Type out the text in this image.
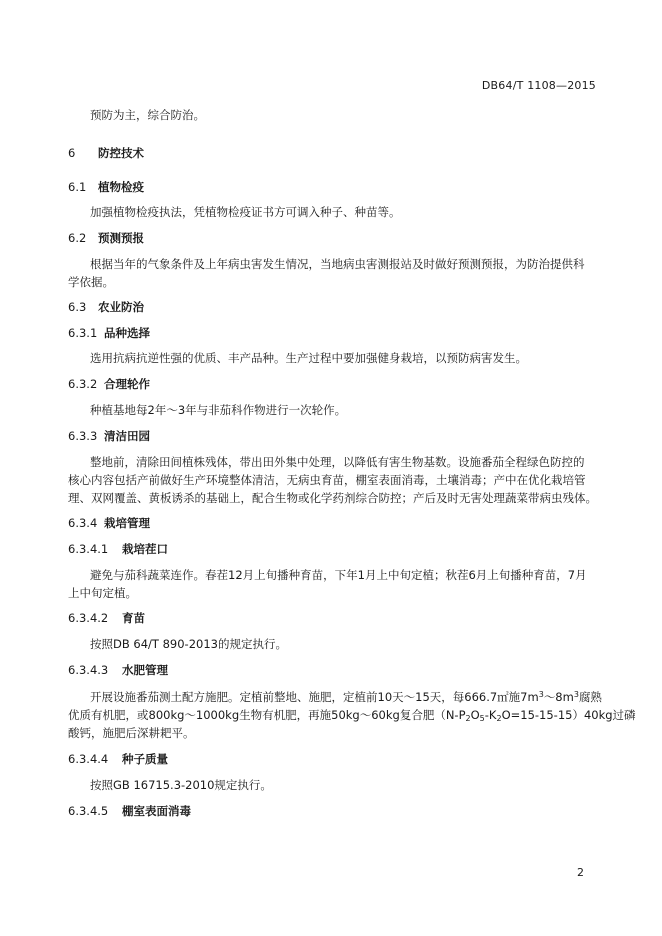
DB64/T 1108—2015
预防为主，综合防治。
6 防控技术
6.1 植物检疫
加强植物检疫执法，凭植物检疫证书方可调入种子、种苗等。
6.2 预测预报
根据当年的气象条件及上年病虫害发生情况，当地病虫害测报站及时做好预测预报，为防治提供科
学依据。
6.3 农业防治
6.3.1 品种选择
选用抗病抗逆性强的优质、丰产品种。生产过程中要加强健身栽培，以预防病害发生。
6.3.2 合理轮作
种植基地每2年～3年与非茄科作物进行一次轮作。
6.3.3 清洁田园
整地前，清除田间植株残体，带出田外集中处理，以降低有害生物基数。设施番茄全程绿色防控的
核心内容包括产前做好生产环境整体清洁，无病虫育苗，棚室表面消毒，土壤消毒；产中在优化栽培管
理、双网覆盖、黄板诱杀的基础上，配合生物或化学药剂综合防控；产后及时无害处理蔬菜带病虫残体。
6.3.4 栽培管理
6.3.4.1 栽培茬口
避免与茄科蔬菜连作。春茬12月上旬播种育苗，下年1月上中旬定植；秋茬6月上旬播种育苗，7月
上中旬定植。
6.3.4.2 育苗
按照DB 64/T 890-2013的规定执行。
6.3.4.3 水肥管理
开展设施番茄测土配方施肥。定植前整地、施肥，定植前10天～15天，每666.7㎡施$7m^3\sim 8m^3$腐熟
优质有机肥，或800kg～1000kg生物有机肥，再施50kg～60kg复合肥$(N-P_2O_5-K_2O=15-15-15)40kg$过磷
酸钙，施肥后深耕耙平。
6.3.4.4 种子质量
按照GB 16715.3-2010规定执行。
6.3.4.5 棚室表面消毒
2
